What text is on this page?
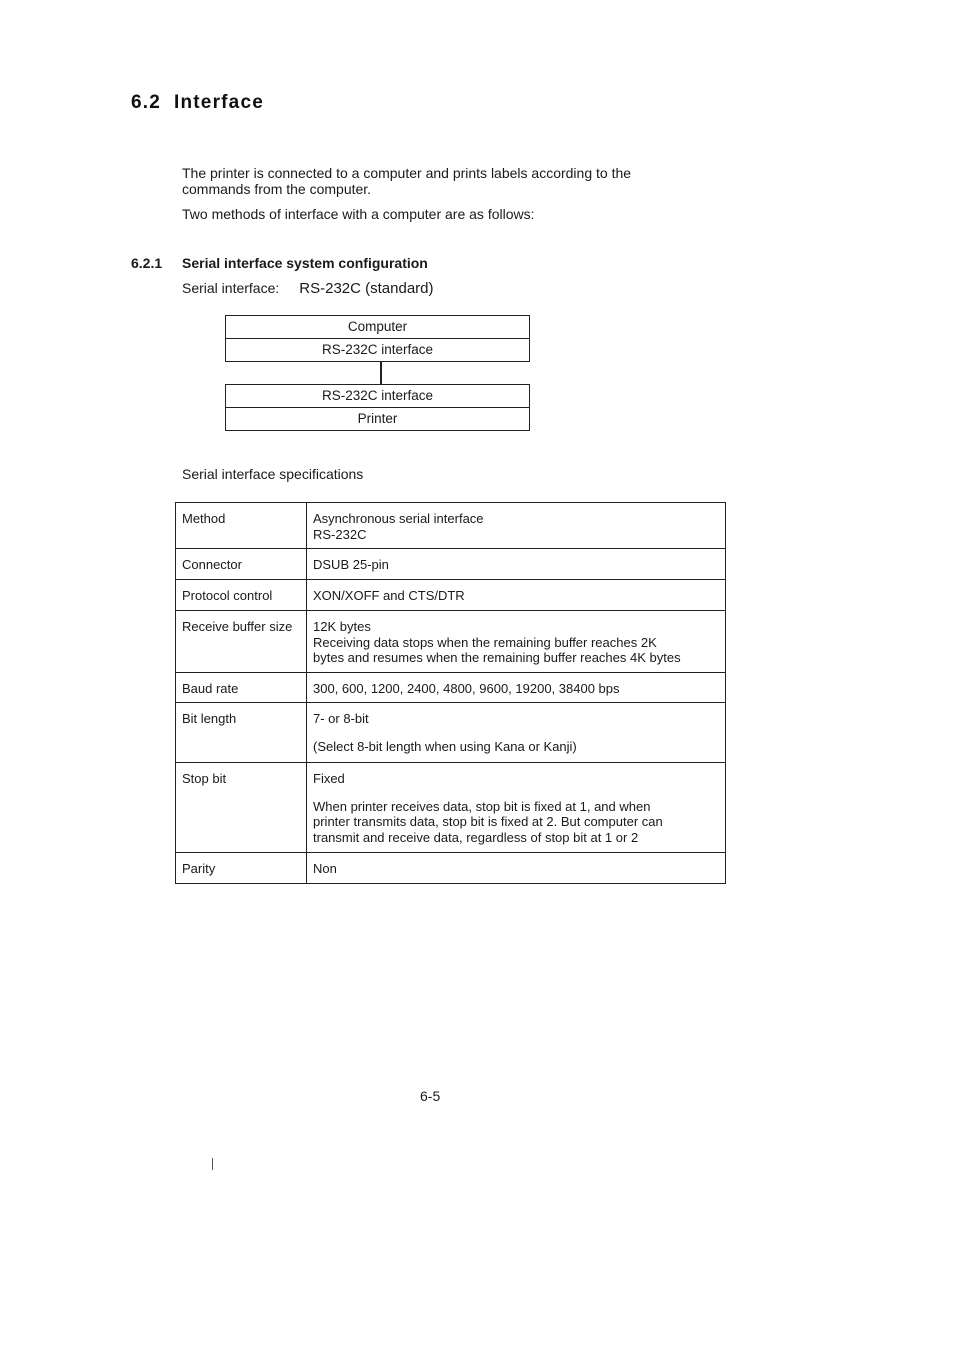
6.2 Interface
The printer is connected to a computer and prints labels according to the
commands from the computer.
Two methods of interface with a computer are as follows:
6.2.1 Serial interface system configuration
Serial interface: RS-232C (standard)
Computer
RS-232C interface
RS-232C interface
Printer
Serial interface specifications
Method	Asynchronous serial interface

RS-232C

Connector	DSUB 25-pin

Protocol control	XON/XOFF and CTS/DTR

Receive buffer size	12K bytes

Receiving data stops when the remaining buffer reaches 2K

bytes and resumes when the remaining buffer reaches 4K bytes

Baud rate	300, 600, 1200, 2400, 4800, 9600, 19200, 38400 bps

Bit length	7- or 8-bit

(Select 8-bit length when using Kana or Kanji)

Stop bit	Fixed

When printer receives data, stop bit is fixed at 1, and when

printer transmits data, stop bit is fixed at 2. But computer can

transmit and receive data, regardless of stop bit at 1 or 2

Parity	Non

6-5
